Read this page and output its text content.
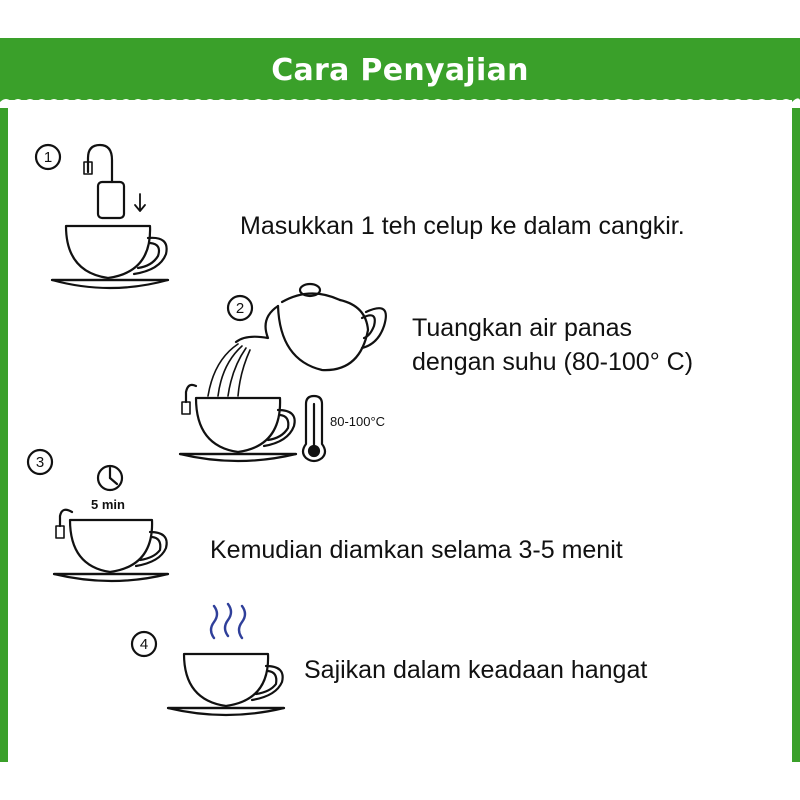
Cara Penyajian
1
2
3
4
80-100°C
5 min
Masukkan 1 teh celup ke dalam cangkir.
Tuangkan air panas
dengan suhu (80-100° C)
Kemudian diamkan selama 3-5 menit
Sajikan dalam keadaan hangat
